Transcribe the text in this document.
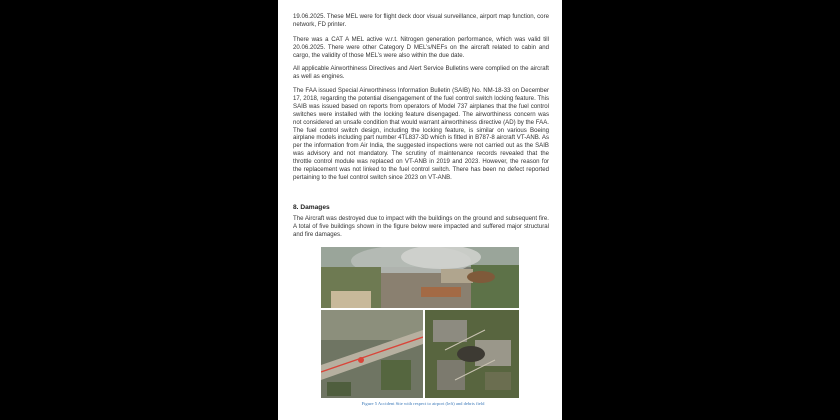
19.06.2025. These MEL were for flight deck door visual surveillance, airport map function, core network, FD printer.

There was a CAT A MEL active w.r.t. Nitrogen generation performance, which was valid till 20.06.2025. There were other Category D MEL’s/NEFs on the aircraft related to cabin and cargo, the validity of those MEL’s were also within the due date.

All applicable Airworthiness Directives and Alert Service Bulletins were complied on the aircraft as well as engines.

The FAA issued Special Airworthiness Information Bulletin (SAIB) No. NM-18-33 on December 17, 2018, regarding the potential disengagement of the fuel control switch locking feature. This SAIB was issued based on reports from operators of Model 737 airplanes that the fuel control switches were installed with the locking feature disengaged. The airworthiness concern was not considered an unsafe condition that would warrant airworthiness directive (AD) by the FAA. The fuel control switch design, including the locking feature, is similar on various Boeing airplane models including part number 4TL837-3D which is fitted in B787-8 aircraft VT-ANB. As per the information from Air India, the suggested inspections were not carried out as the SAIB was advisory and not mandatory. The scrutiny of maintenance records revealed that the throttle control module was replaced on VT-ANB in 2019 and 2023. However, the reason for the replacement was not linked to the fuel control switch. There has been no defect reported pertaining to the fuel control switch since 2023 on VT-ANB.

8. Damages

The Aircraft was destroyed due to impact with the buildings on the ground and subsequent fire. A total of five buildings shown in the figure below were impacted and suffered major structural and fire damages.

Figure 5 Accident Site with respect to airport (left) and debris field
